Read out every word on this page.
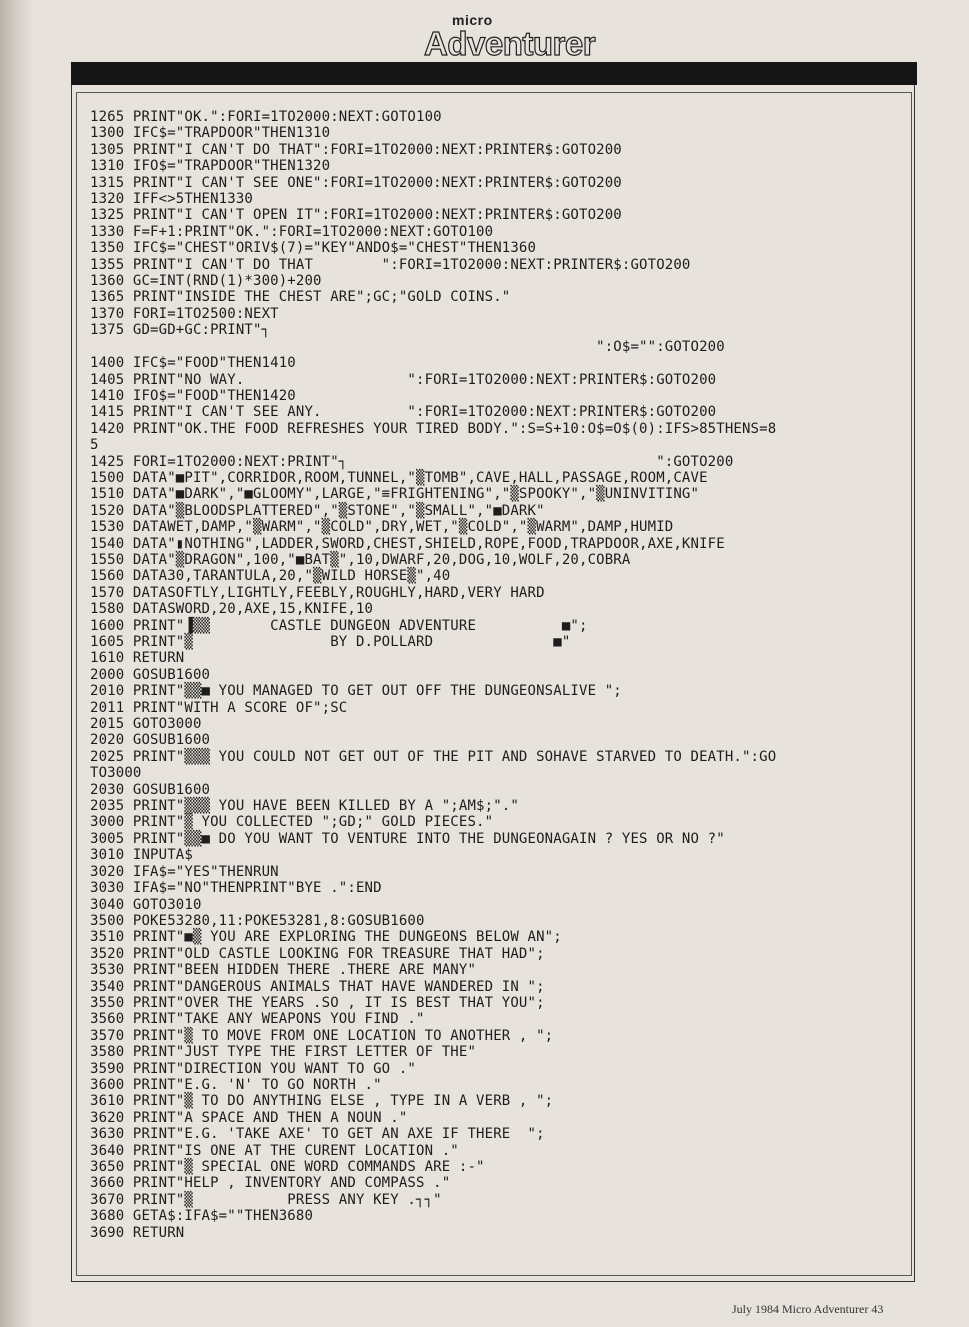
micro
Adventurer
1265 PRINT"OK.":FORI=1TO2000:NEXT:GOTO100
1300 IFC$="TRAPDOOR"THEN1310
1305 PRINT"I CAN'T DO THAT":FORI=1TO2000:NEXT:PRINTER$:GOTO200
1310 IFO$="TRAPDOOR"THEN1320
1315 PRINT"I CAN'T SEE ONE":FORI=1TO2000:NEXT:PRINTER$:GOTO200
1320 IFF<>5THEN1330
1325 PRINT"I CAN'T OPEN IT":FORI=1TO2000:NEXT:PRINTER$:GOTO200
1330 F=F+1:PRINT"OK.":FORI=1TO2000:NEXT:GOTO100
1350 IFC$="CHEST"ORIV$(7)="KEY"ANDO$="CHEST"THEN1360
1355 PRINT"I CAN'T DO THAT        ":FORI=1TO2000:NEXT:PRINTER$:GOTO200
1360 GC=INT(RND(1)*300)+200
1365 PRINT"INSIDE THE CHEST ARE";GC;"GOLD COINS."
1370 FORI=1TO2500:NEXT
1375 GD=GD+GC:PRINT"┐
":O$="":GOTO200
1400 IFC$="FOOD"THEN1410
1405 PRINT"NO WAY.                   ":FORI=1TO2000:NEXT:PRINTER$:GOTO200
1410 IFO$="FOOD"THEN1420
1415 PRINT"I CAN'T SEE ANY.          ":FORI=1TO2000:NEXT:PRINTER$:GOTO200
1420 PRINT"OK.THE FOOD REFRESHES YOUR TIRED BODY.":S=S+10:O$=O$(0):IFS>85THENS=8
5
1425 FORI=1TO2000:NEXT:PRINT"┐                                    ":GOTO200
1500 DATA"■PIT",CORRIDOR,ROOM,TUNNEL,"▒TOMB",CAVE,HALL,PASSAGE,ROOM,CAVE
1510 DATA"■DARK","■GLOOMY",LARGE,"≡FRIGHTENING","▒SPOOKY","▒UNINVITING"
1520 DATA"▒BLOODSPLATTERED","▒STONE","▒SMALL","■DARK"
1530 DATAWET,DAMP,"▒WARM","▒COLD",DRY,WET,"▒COLD","▒WARM",DAMP,HUMID
1540 DATA"▮NOTHING",LADDER,SWORD,CHEST,SHIELD,ROPE,FOOD,TRAPDOOR,AXE,KNIFE
1550 DATA"▒DRAGON",100,"■BAT▒",10,DWARF,20,DOG,10,WOLF,20,COBRA
1560 DATA30,TARANTULA,20,"▒WILD HORSE▒",40
1570 DATASOFTLY,LIGHTLY,FEEBLY,ROUGHLY,HARD,VERY HARD
1580 DATASWORD,20,AXE,15,KNIFE,10
1600 PRINT"▐▒▒       CASTLE DUNGEON ADVENTURE          ■";
1605 PRINT"▒                BY D.POLLARD              ■"
1610 RETURN
2000 GOSUB1600
2010 PRINT"▒▒■ YOU MANAGED TO GET OUT OFF THE DUNGEONSALIVE ";
2011 PRINT"WITH A SCORE OF";SC
2015 GOTO3000
2020 GOSUB1600
2025 PRINT"▒▒▒ YOU COULD NOT GET OUT OF THE PIT AND SOHAVE STARVED TO DEATH.":GO
TO3000
2030 GOSUB1600
2035 PRINT"▒▒▒ YOU HAVE BEEN KILLED BY A ";AM$;"."
3000 PRINT"▒ YOU COLLECTED ";GD;" GOLD PIECES."
3005 PRINT"▒▒■ DO YOU WANT TO VENTURE INTO THE DUNGEONAGAIN ? YES OR NO ?"
3010 INPUTA$
3020 IFA$="YES"THENRUN
3030 IFA$="NO"THENPRINT"BYE .":END
3040 GOTO3010
3500 POKE53280,11:POKE53281,8:GOSUB1600
3510 PRINT"■▒ YOU ARE EXPLORING THE DUNGEONS BELOW AN";
3520 PRINT"OLD CASTLE LOOKING FOR TREASURE THAT HAD";
3530 PRINT"BEEN HIDDEN THERE .THERE ARE MANY"
3540 PRINT"DANGEROUS ANIMALS THAT HAVE WANDERED IN ";
3550 PRINT"OVER THE YEARS .SO , IT IS BEST THAT YOU";
3560 PRINT"TAKE ANY WEAPONS YOU FIND ."
3570 PRINT"▒ TO MOVE FROM ONE LOCATION TO ANOTHER , ";
3580 PRINT"JUST TYPE THE FIRST LETTER OF THE"
3590 PRINT"DIRECTION YOU WANT TO GO ."
3600 PRINT"E.G. 'N' TO GO NORTH ."
3610 PRINT"▒ TO DO ANYTHING ELSE , TYPE IN A VERB , ";
3620 PRINT"A SPACE AND THEN A NOUN ."
3630 PRINT"E.G. 'TAKE AXE' TO GET AN AXE IF THERE  ";
3640 PRINT"IS ONE AT THE CURENT LOCATION ."
3650 PRINT"▒ SPECIAL ONE WORD COMMANDS ARE :-"
3660 PRINT"HELP , INVENTORY AND COMPASS ."
3670 PRINT"▒           PRESS ANY KEY .┐┐"
3680 GETA$:IFA$=""THEN3680
3690 RETURN
July 1984 Micro Adventurer 43
